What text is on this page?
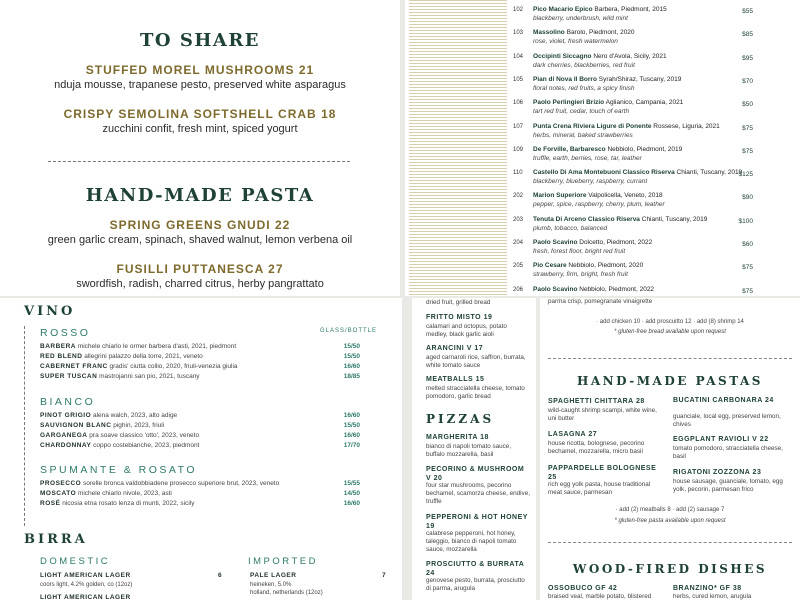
TO SHARE
STUFFED MOREL MUSHROOMS 21
nduja mousse, trapanese pesto, preserved white asparagus
CRISPY SEMOLINA SOFTSHELL CRAB 18
zucchini confit, fresh mint, spiced yogurt
HAND-MADE PASTA
SPRING GREENS GNUDI 22
green garlic cream, spinach, shaved walnut, lemon verbena oil
FUSILLI PUTTANESCA 27
swordfish, radish, charred citrus, herby pangrattato
102 Pico Macario Epico Barbera, Piedmont, 2015
blackberry, underbrush, wild mint
$55
103 Massolino Barolo, Piedmont, 2020
rose, violet, fresh watermelon
$85
104 Occipinti Siccagno Nero d'Avola, Sicily, 2021
dark cherries, blackberries, red fruit
$95
105 Pian di Nova Il Borro Syrah/Shiraz, Tuscany, 2019
floral notes, red fruits, a spicy finish
$70
106 Paolo Perlingieri Brizio Aglianico, Campania, 2021
tart red fruit, cedar, touch of earth
$50
107 Punta Crena Riviera Ligure di Ponente Rossese, Liguria, 2021
herbs, mineral, baked strawberries
$75
109 De Forville, Barbaresco Nebbiolo, Piedmont, 2019
truffle, earth, berries, rose, tar, leather
$75
110 Castello Di Ama Montebuoni Classico Riserva Chianti, Tuscany, 2019
blackberry, blueberry, raspberry, currant
$125
202 Marion Superiore Valpolicella, Veneto, 2018
pepper, spice, raspberry, cherry, plum, leather
$90
203 Tenuta Di Arceno Classico Riserva Chianti, Tuscany, 2019
plumb, tobacco, balanced
$100
204 Paolo Scavino Dolcetto, Piedmont, 2022
fresh, forest floor, bright red fruit
$60
205 Pio Cesare Nebbiolo, Piedmont, 2020
strawberry, firm, bright, fresh fruit
$75
206 Paolo Scavino Nebbiolo, Piedmont, 2022	$75
VINO
GLASS/BOTTLE
ROSSO
BARBERA michele chiarlo le ormer barbera d'asti, 2021, piedmont	15/50
RED BLEND allegrini palazzo della torre, 2021, veneto	15/50
CABERNET FRANC gradis' ciutta collio, 2020, friuli-venezia giulia	16/60
SUPER TUSCAN mastrojanni san pio, 2021, tuscany	18/85
BIANCO
PINOT GRIGIO alena walch, 2023, alto adige	16/60
SAUVIGNON BLANC pighin, 2023, friuli	15/50
GARGANEGA pra soave classico 'otto', 2023, veneto	16/60
CHARDONNAY coppo costebianche, 2023, piedmont	17/70
SPUMANTE & ROSATO
PROSECCO sorelle bronca valdobbiadene prosecco superiore brut, 2023, veneto	15/55
MOSCATO michele chiarlo nivole, 2023, asti	14/50
ROSÉ nicosia etna rosato lenza di munti, 2022, sicily	16/60
BIRRA
DOMESTIC	IMPORTED
LIGHT AMERICAN LAGER	6
coors light, 4.2% golden, co (12oz)
LIGHT AMERICAN LAGER
PALE LAGER	7
heineken, 5.0%
holland, netherlands (12oz)
dried fruit, grilled bread
FRITTO MISTO 19
calamari and octopus, potato medley, black garlic aioli
ARANCINI V 17
aged carnaroli rice, saffron, burrata, white tomato sauce
MEATBALLS 15
melted stracciatella cheese, tomato pomodoro, garlic bread
PIZZAS
MARGHERITA 18
bianco di napoli tomato sauce, buffalo mozzarella, basil
PECORINO & MUSHROOM V 20
four star mushrooms, pecorino bechamel, scamorza cheese, endive, truffle
PEPPERONI & HOT HONEY 19
calabrese pepperoni, hot honey, taleggio, bianco di napoli tomato sauce, mozzarella
PROSCIUTTO & BURRATA 24
genovese pesto, burrata, prosciutto di parma, arugula
parma crisp, pomegranate vinaigrette
· add chicken 10 · add proscuitto 12 · add (8) shrimp 14
* gluten-free bread available upon request
HAND-MADE PASTAS
SPAGHETTI CHITTARA 28
wild-caught shrimp scampi, white wine, uni butter
BUCATINI CARBONARA 24
guanciale, local egg, preserved lemon, chives
LASAGNA 27
house ricotta, bolognese, pecorino bechamel, mozzarella, micro basil
EGGPLANT RAVIOLI V 22
tomato pomodoro, stracciatella cheese, basil
PAPPARDELLE BOLOGNESE 25
rich egg yolk pasta, house traditional meat sauce, parmesan
RIGATONI ZOZZONA 23
house sausage, guanciale, tomato, egg yolk, pecorin, parmesan frico
· add (2) meatballs 8 · add (2) sausage 7
* gluten-free pasta available upon request
WOOD-FIRED DISHES
OSSOBUCO GF 42
braised veal, marble potato, blistered
BRANZINO* GF 38
herbs, cured lemon, arugula
